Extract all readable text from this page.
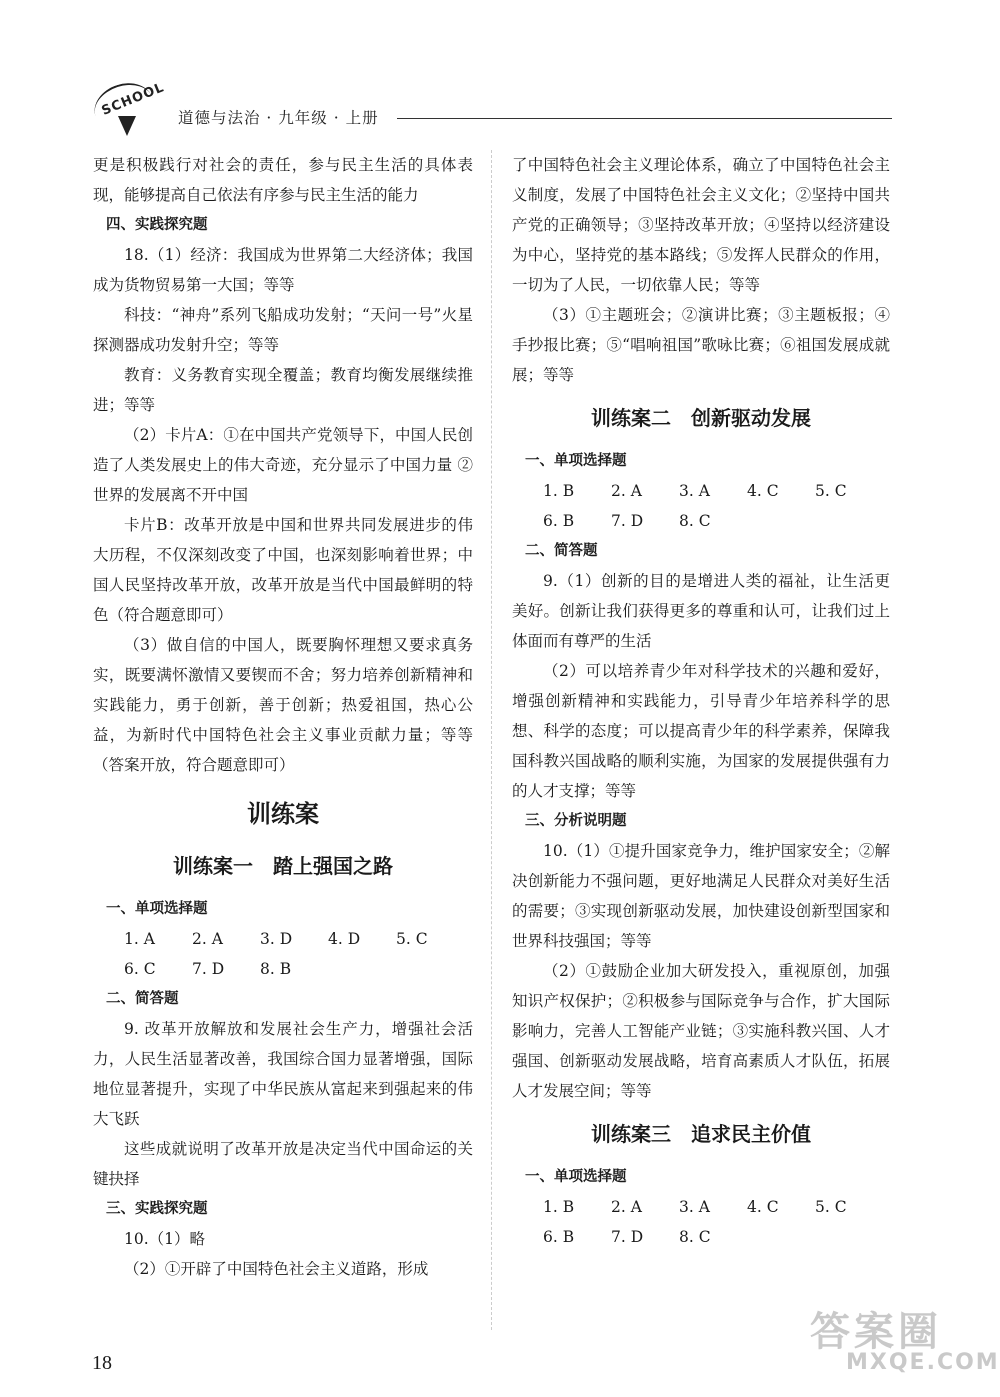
SCHOOL 道德与法治 · 九年级 · 上册

更是积极践行对社会的责任，参与民主生活的具体表现，能够提高自己依法有序参与民主生活的能力

四、实践探究题

18.（1）经济：我国成为世界第二大经济体；我国成为货物贸易第一大国；等等

科技：“神舟”系列飞船成功发射；“天问一号”火星探测器成功发射升空；等等

教育：义务教育实现全覆盖；教育均衡发展继续推进；等等

（2）卡片A：①在中国共产党领导下，中国人民创造了人类发展史上的伟大奇迹，充分显示了中国力量 ②世界的发展离不开中国

卡片B：改革开放是中国和世界共同发展进步的伟大历程，不仅深刻改变了中国，也深刻影响着世界；中国人民坚持改革开放，改革开放是当代中国最鲜明的特色（符合题意即可）

（3）做自信的中国人，既要胸怀理想又要求真务实，既要满怀激情又要锲而不舍；努力培养创新精神和实践能力，勇于创新，善于创新；热爱祖国，热心公益，为新时代中国特色社会主义事业贡献力量；等等（答案开放，符合题意即可）

训练案

训练案一　踏上强国之路

一、单项选择题

1. A	2. A	3. D	4. D	5. C
6. C	7. D	8. B

二、简答题

9. 改革开放解放和发展社会生产力，增强社会活力，人民生活显著改善，我国综合国力显著增强，国际地位显著提升，实现了中华民族从富起来到强起来的伟大飞跃

这些成就说明了改革开放是决定当代中国命运的关键抉择

三、实践探究题

10.（1）略

（2）①开辟了中国特色社会主义道路，形成

了中国特色社会主义理论体系，确立了中国特色社会主义制度，发展了中国特色社会主义文化；②坚持中国共产党的正确领导；③坚持改革开放；④坚持以经济建设为中心，坚持党的基本路线；⑤发挥人民群众的作用，一切为了人民，一切依靠人民；等等

（3）①主题班会；②演讲比赛；③主题板报；④手抄报比赛；⑤“唱响祖国”歌咏比赛；⑥祖国发展成就展；等等

训练案二　创新驱动发展

一、单项选择题

1. B	2. A	3. A	4. C	5. C
6. B	7. D	8. C

二、简答题

9.（1）创新的目的是增进人类的福祉，让生活更美好。创新让我们获得更多的尊重和认可，让我们过上体面而有尊严的生活

（2）可以培养青少年对科学技术的兴趣和爱好，增强创新精神和实践能力，引导青少年培养科学的思想、科学的态度；可以提高青少年的科学素养，保障我国科教兴国战略的顺利实施，为国家的发展提供强有力的人才支撑；等等

三、分析说明题

10.（1）①提升国家竞争力，维护国家安全；②解决创新能力不强问题，更好地满足人民群众对美好生活的需要；③实现创新驱动发展，加快建设创新型国家和世界科技强国；等等

（2）①鼓励企业加大研发投入，重视原创，加强知识产权保护；②积极参与国际竞争与合作，扩大国际影响力，完善人工智能产业链；③实施科教兴国、人才强国、创新驱动发展战略，培育高素质人才队伍，拓展人才发展空间；等等

训练案三　追求民主价值

一、单项选择题

1. B	2. A	3. A	4. C	5. C
6. B	7. D	8. C
18
答案圈
MXQE.COM
